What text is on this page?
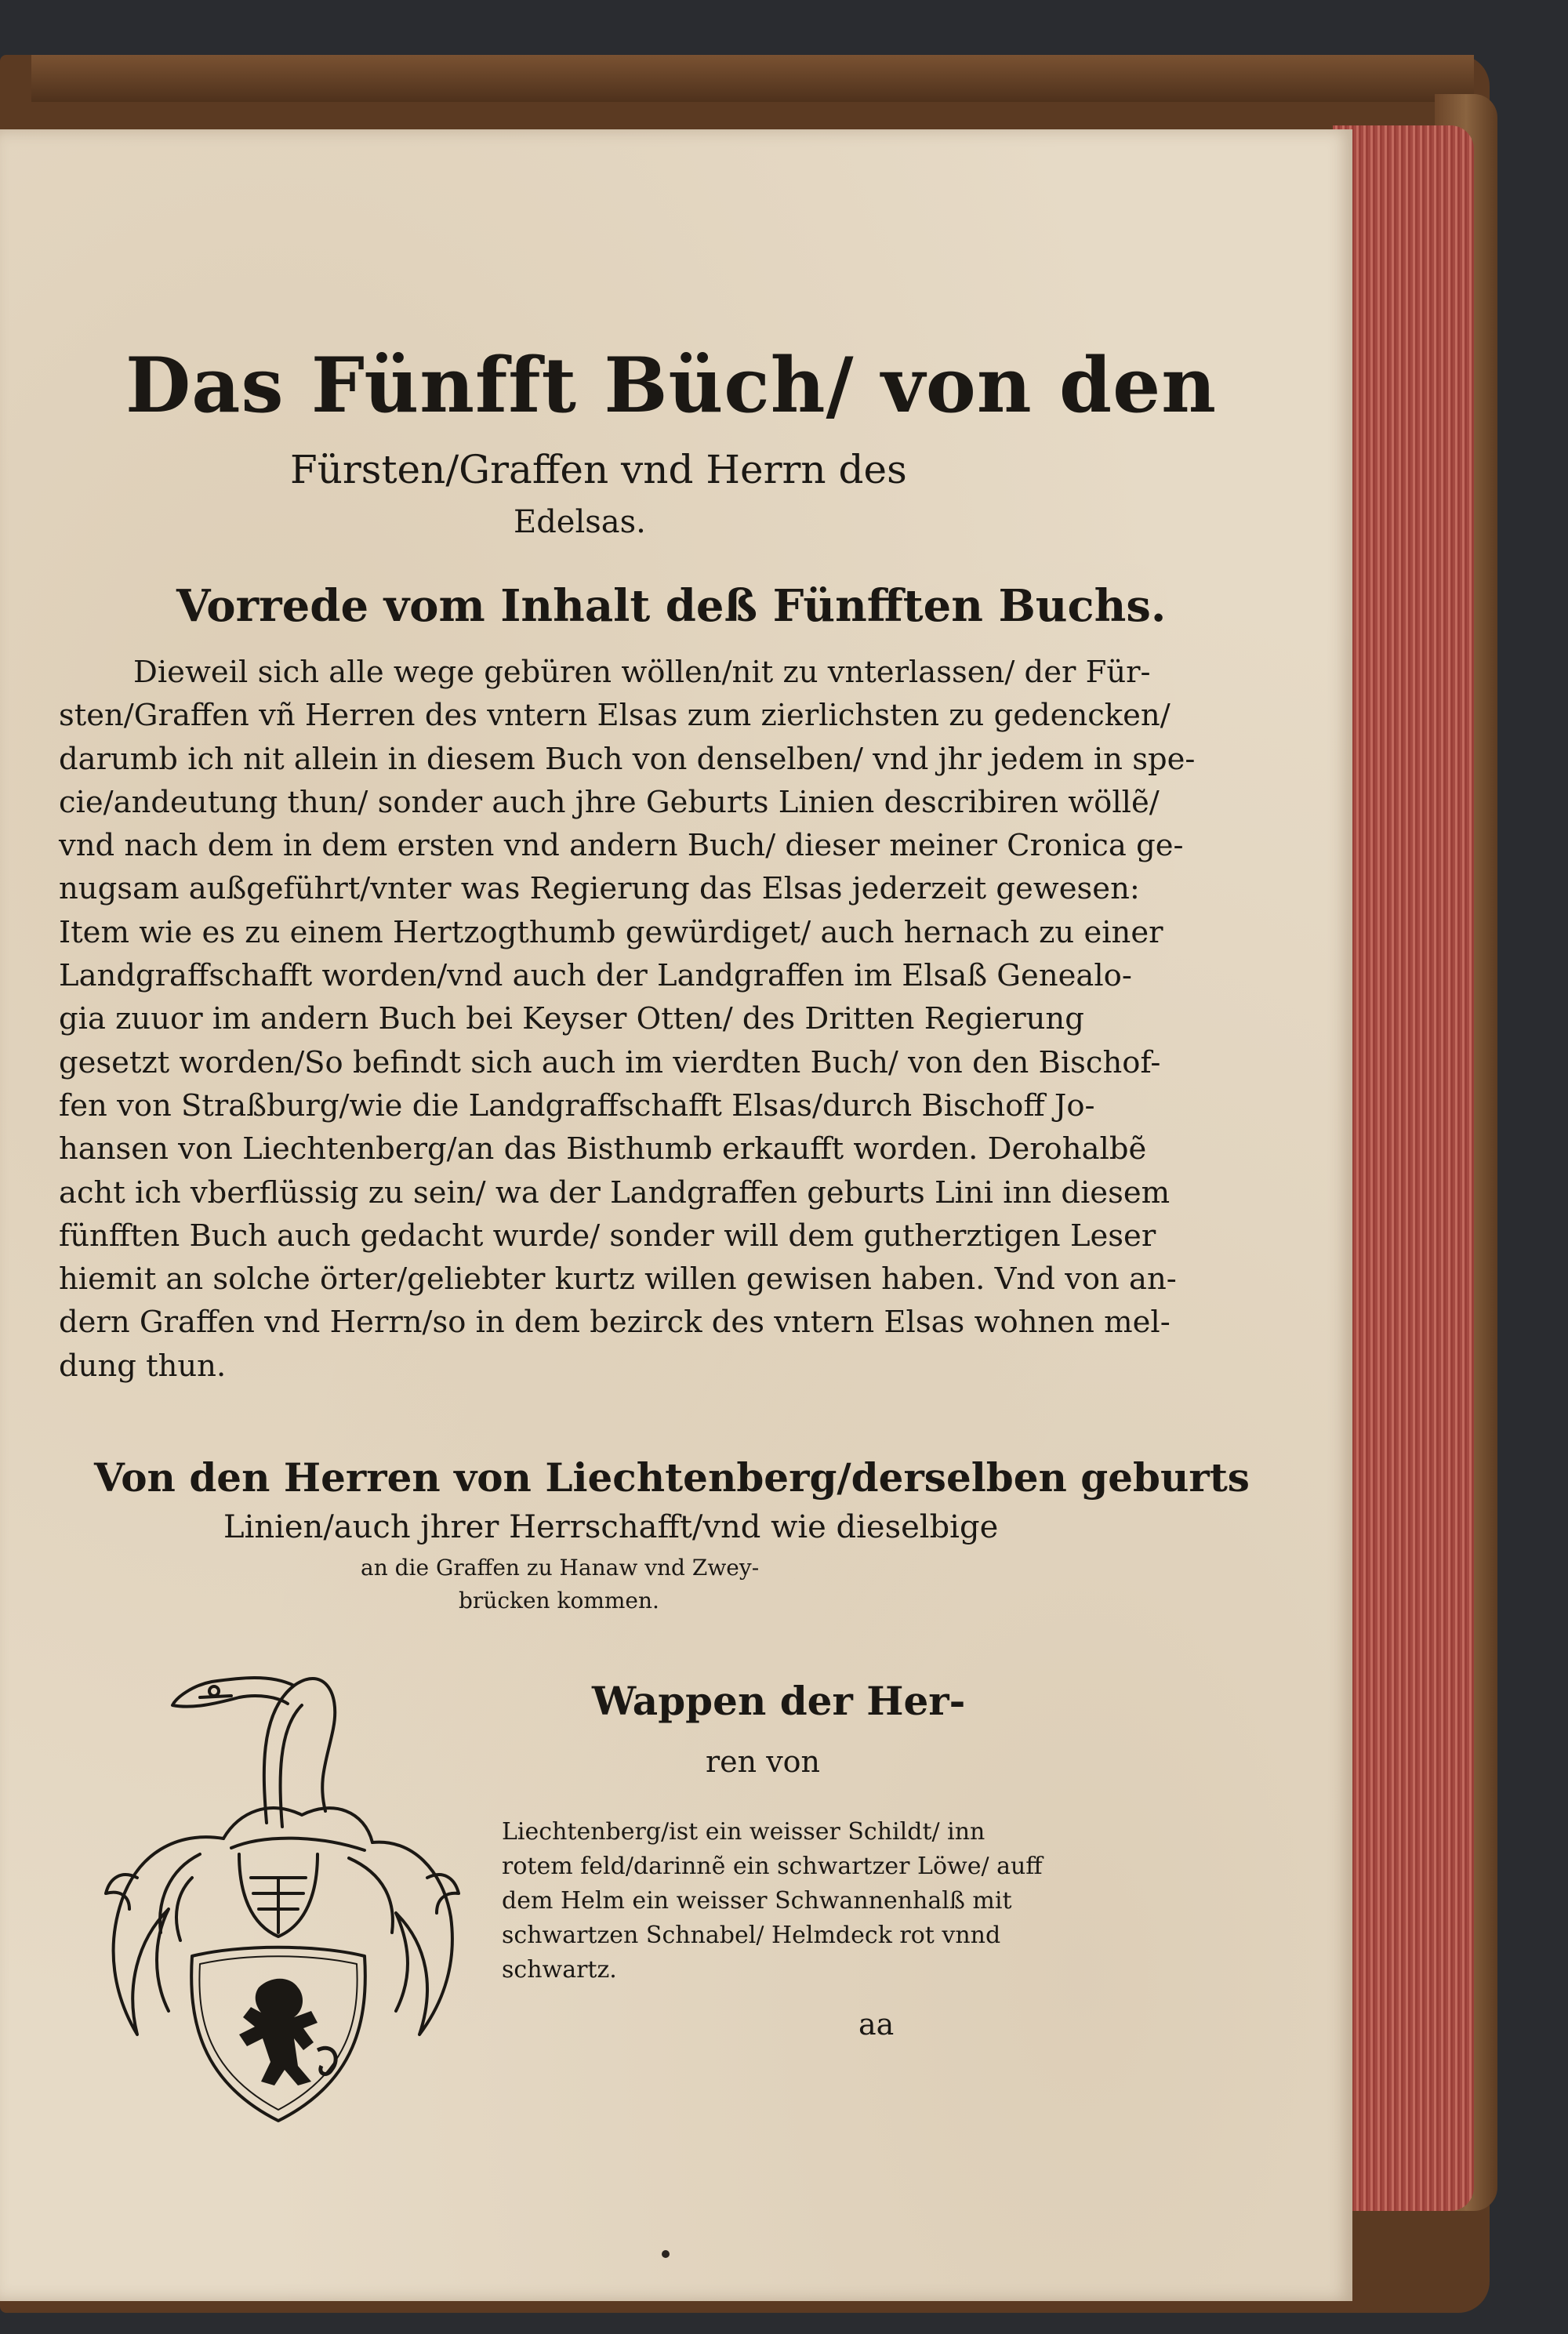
Das Fünfft Büch/ von den
Fürsten/Graffen vnd Herrn des
Edelsas.
Vorrede vom Inhalt deß Fünfften Buchs.
Dieweil sich alle wege gebüren wöllen/nit zu vnterlassen/ der Für-
sten/Graffen vñ Herren des vntern Elsas zum zierlichsten zu gedencken/
darumb ich nit allein in diesem Buch von denselben/ vnd jhr jedem in spe-
cie/andeutung thun/ sonder auch jhre Geburts Linien describiren wöllẽ/
vnd nach dem in dem ersten vnd andern Buch/ dieser meiner Cronica ge-
nugsam außgeführt/vnter was Regierung das Elsas jederzeit gewesen:
Item wie es zu einem Hertzogthumb gewürdiget/ auch hernach zu einer
Landgraffschafft worden/vnd auch der Landgraffen im Elsaß Genealo-
gia zuuor im andern Buch bei Keyser Otten/ des Dritten Regierung
gesetzt worden/So befindt sich auch im vierdten Buch/ von den Bischof-
fen von Straßburg/wie die Landgraffschafft Elsas/durch Bischoff Jo-
hansen von Liechtenberg/an das Bisthumb erkaufft worden. Derohalbẽ
acht ich vberflüssig zu sein/ wa der Landgraffen geburts Lini inn diesem
fünfften Buch auch gedacht wurde/ sonder will dem gutherztigen Leser
hiemit an solche örter/geliebter kurtz willen gewisen haben. Vnd von an-
dern Graffen vnd Herrn/so in dem bezirck des vntern Elsas wohnen mel-
dung thun.
Von den Herren von Liechtenberg/derselben geburts
Linien/auch jhrer Herrschafft/vnd wie dieselbige
an die Graffen zu Hanaw vnd Zwey-
brücken kommen.
Wappen der Her-
ren von
Liechtenberg/ist ein weisser Schildt/ inn
rotem feld/darinnẽ ein schwartzer Löwe/ auff
dem Helm ein weisser Schwannenhalß mit
schwartzen Schnabel/ Helmdeck rot vnnd
schwartz.
aa
